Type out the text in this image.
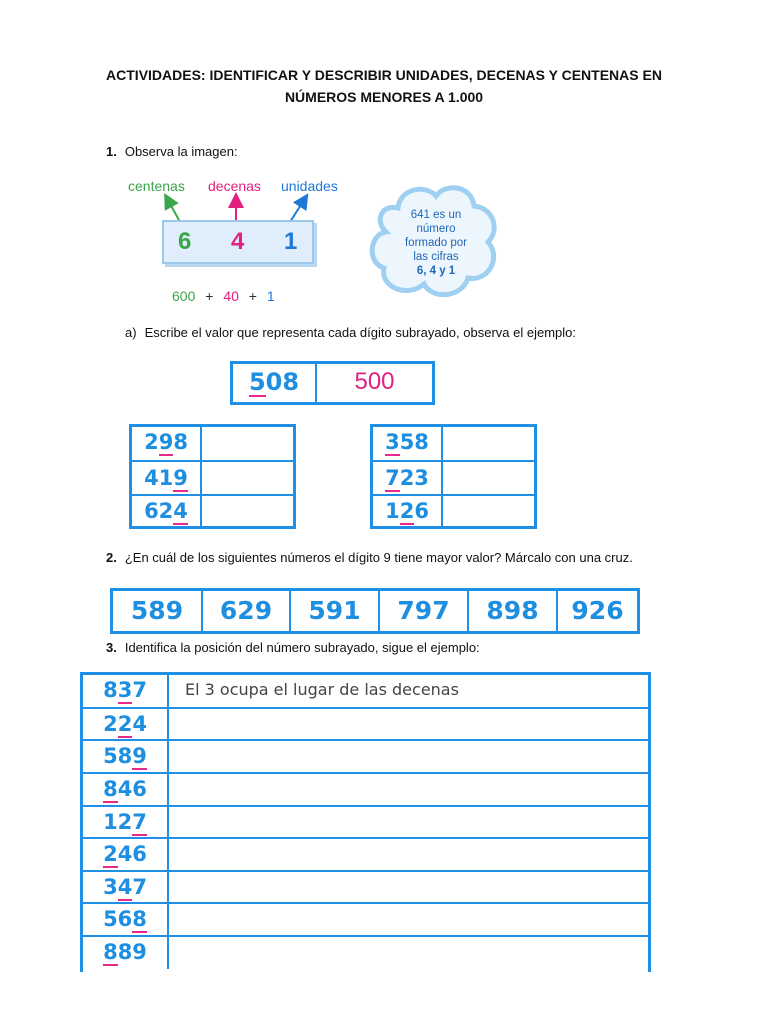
ACTIVIDADES: IDENTIFICAR Y DESCRIBIR UNIDADES, DECENAS Y CENTENAS EN
NÚMEROS MENORES A 1.000
1. Observa la imagen:
centenas decenas unidades
6 4 1
600 + 40 + 1
641 es un
número
formado por
las cifras
6, 4 y 1
a) Escribe el valor que representa cada dígito subrayado, observa el ejemplo:
508	500
298
419
624
358
723
126
2. ¿En cuál de los siguientes números el dígito 9 tiene mayor valor? Márcalo con una cruz.
589	629	591	797	898	926
3. Identifica la posición del número subrayado, sigue el ejemplo:
837	El 3 ocupa el lugar de las decenas
224
589
846
127
246
347
568
889
